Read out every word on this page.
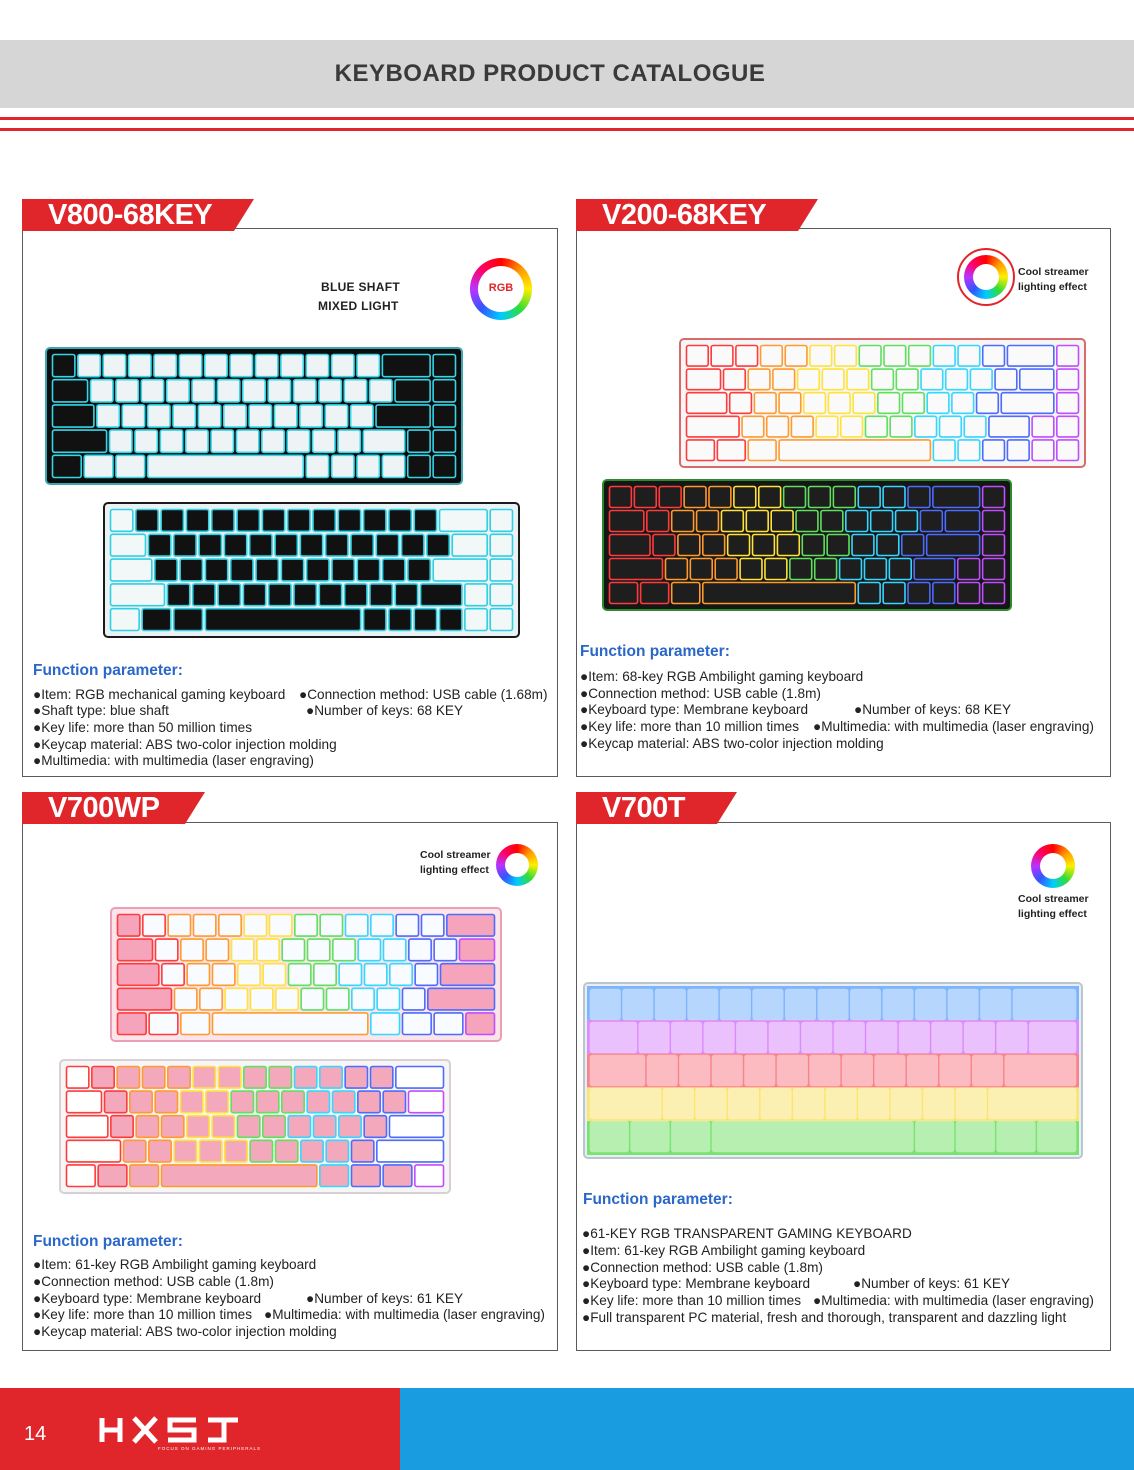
KEYBOARD PRODUCT CATALOGUE
V800-68KEY
BLUE SHAFT
MIXED LIGHT
RGB
Function parameter:
●Item: RGB mechanical gaming keyboard ●Connection method: USB cable (1.68m)
●Shaft type: blue shaft	●Number of keys: 68 KEY
●Key life: more than 50 million times
●Keycap material: ABS two-color injection molding
●Multimedia: with multimedia (laser engraving)
V200-68KEY
Cool streamer
lighting effect
Function parameter:
●Item: 68-key RGB Ambilight gaming keyboard
●Connection method: USB cable (1.8m)
●Keyboard type: Membrane keyboard	●Number of keys: 68 KEY
●Key life: more than 10 million times ●Multimedia: with multimedia (laser engraving)
●Keycap material: ABS two-color injection molding
V700WP
Cool streamer
lighting effect
Function parameter:
●Item: 61-key RGB Ambilight gaming keyboard
●Connection method: USB cable (1.8m)
●Keyboard type: Membrane keyboard	●Number of keys: 61 KEY
●Key life: more than 10 million times ●Multimedia: with multimedia (laser engraving)
●Keycap material: ABS two-color injection molding
V700T
Cool streamer
lighting effect
Function parameter:
●61-KEY RGB TRANSPARENT GAMING KEYBOARD
●Item: 61-key RGB Ambilight gaming keyboard
●Connection method: USB cable (1.8m)
●Keyboard type: Membrane keyboard	●Number of keys: 61 KEY
●Key life: more than 10 million times ●Multimedia: with multimedia (laser engraving)
●Full transparent PC material, fresh and thorough, transparent and dazzling light
14
FOCUS ON GAMING PERIPHERALS
